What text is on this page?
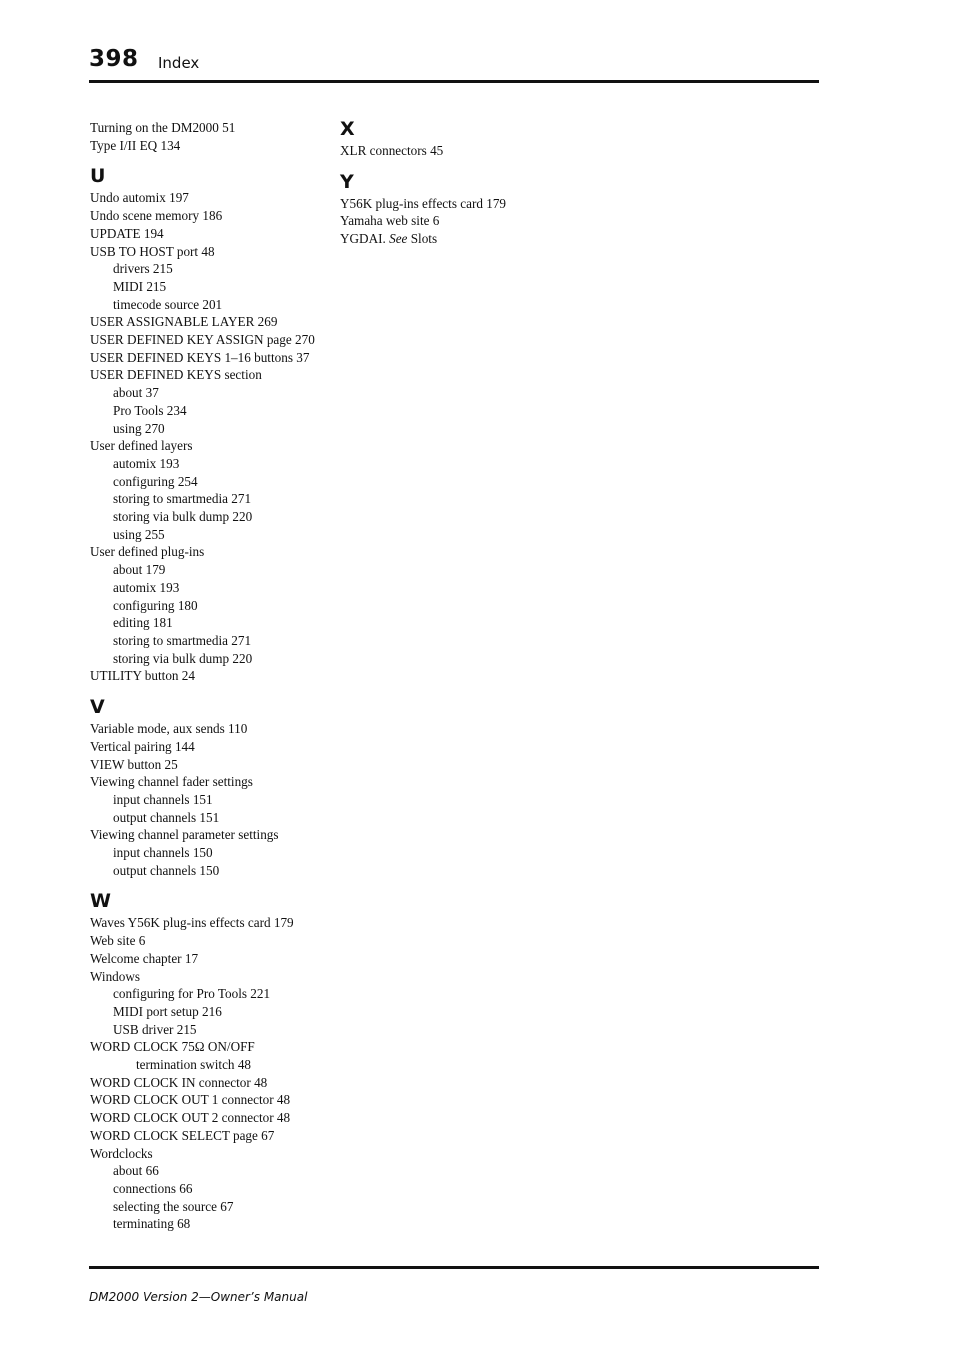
398 Index
Turning on the DM2000 51
Type I/II EQ 134
U
Undo automix 197
Undo scene memory 186
UPDATE 194
USB TO HOST port 48
drivers 215
MIDI 215
timecode source 201
USER ASSIGNABLE LAYER 269
USER DEFINED KEY ASSIGN page 270
USER DEFINED KEYS 1–16 buttons 37
USER DEFINED KEYS section
about 37
Pro Tools 234
using 270
User defined layers
automix 193
configuring 254
storing to smartmedia 271
storing via bulk dump 220
using 255
User defined plug-ins
about 179
automix 193
configuring 180
editing 181
storing to smartmedia 271
storing via bulk dump 220
UTILITY button 24
V
Variable mode, aux sends 110
Vertical pairing 144
VIEW button 25
Viewing channel fader settings
input channels 151
output channels 151
Viewing channel parameter settings
input channels 150
output channels 150
W
Waves Y56K plug-ins effects card 179
Web site 6
Welcome chapter 17
Windows
configuring for Pro Tools 221
MIDI port setup 216
USB driver 215
WORD CLOCK 75Ω ON/OFF
termination switch 48
WORD CLOCK IN connector 48
WORD CLOCK OUT 1 connector 48
WORD CLOCK OUT 2 connector 48
WORD CLOCK SELECT page 67
Wordclocks
about 66
connections 66
selecting the source 67
terminating 68
X
XLR connectors 45
Y
Y56K plug-ins effects card 179
Yamaha web site 6
YGDAI. See Slots
DM2000 Version 2—Owner’s Manual
